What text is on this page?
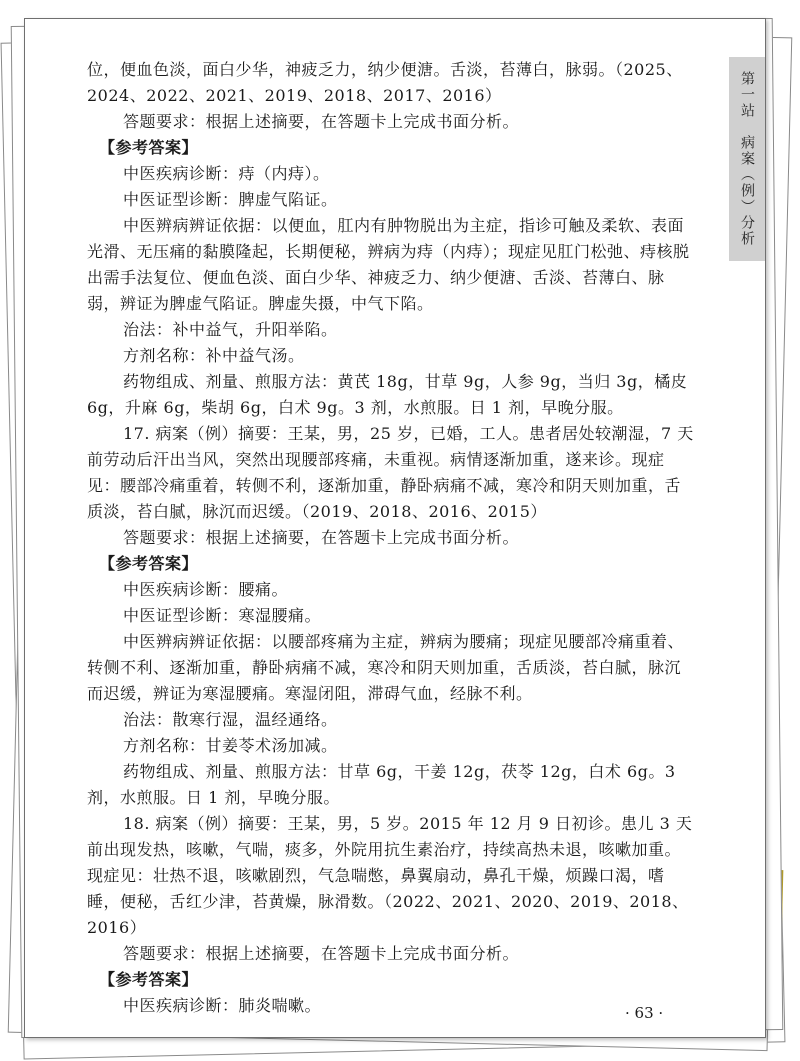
位，便血色淡，面白少华，神疲乏力，纳少便溏。舌淡，苔薄白，脉弱。（2025、2024、2022、2021、2019、2018、2017、2016）

答题要求：根据上述摘要，在答题卡上完成书面分析。

【参考答案】

中医疾病诊断：痔（内痔）。

中医证型诊断：脾虚气陷证。

中医辨病辨证依据：以便血，肛内有肿物脱出为主症，指诊可触及柔软、表面光滑、无压痛的黏膜隆起，长期便秘，辨病为痔（内痔）；现症见肛门松弛、痔核脱出需手法复位、便血色淡、面白少华、神疲乏力、纳少便溏、舌淡、苔薄白、脉弱，辨证为脾虚气陷证。脾虚失摄，中气下陷。

治法：补中益气，升阳举陷。

方剂名称：补中益气汤。

药物组成、剂量、煎服方法：黄芪 18g，甘草 9g，人参 9g，当归 3g，橘皮 6g，升麻 6g，柴胡 6g，白术 9g。3 剂，水煎服。日 1 剂，早晚分服。

17. 病案（例）摘要：王某，男，25 岁，已婚，工人。患者居处较潮湿，7 天前劳动后汗出当风，突然出现腰部疼痛，未重视。病情逐渐加重，遂来诊。现症见：腰部冷痛重着，转侧不利，逐渐加重，静卧病痛不减，寒冷和阴天则加重，舌质淡，苔白腻，脉沉而迟缓。（2019、2018、2016、2015）

答题要求：根据上述摘要，在答题卡上完成书面分析。

【参考答案】

中医疾病诊断：腰痛。

中医证型诊断：寒湿腰痛。

中医辨病辨证依据：以腰部疼痛为主症，辨病为腰痛；现症见腰部冷痛重着、转侧不利、逐渐加重，静卧病痛不减，寒冷和阴天则加重，舌质淡，苔白腻，脉沉而迟缓，辨证为寒湿腰痛。寒湿闭阻，滞碍气血，经脉不利。

治法：散寒行湿，温经通络。

方剂名称：甘姜苓术汤加减。

药物组成、剂量、煎服方法：甘草 6g，干姜 12g，茯苓 12g，白术 6g。3 剂，水煎服。日 1 剂，早晚分服。

18. 病案（例）摘要：王某，男，5 岁。2015 年 12 月 9 日初诊。患儿 3 天前出现发热，咳嗽，气喘，痰多，外院用抗生素治疗，持续高热未退，咳嗽加重。现症见：壮热不退，咳嗽剧烈，气急喘憋，鼻翼扇动，鼻孔干燥，烦躁口渴，嗜睡，便秘，舌红少津，苔黄燥，脉滑数。（2022、2021、2020、2019、2018、2016）

答题要求：根据上述摘要，在答题卡上完成书面分析。

【参考答案】

中医疾病诊断：肺炎喘嗽。

第一站　病案（例）分析
· 63 ·
